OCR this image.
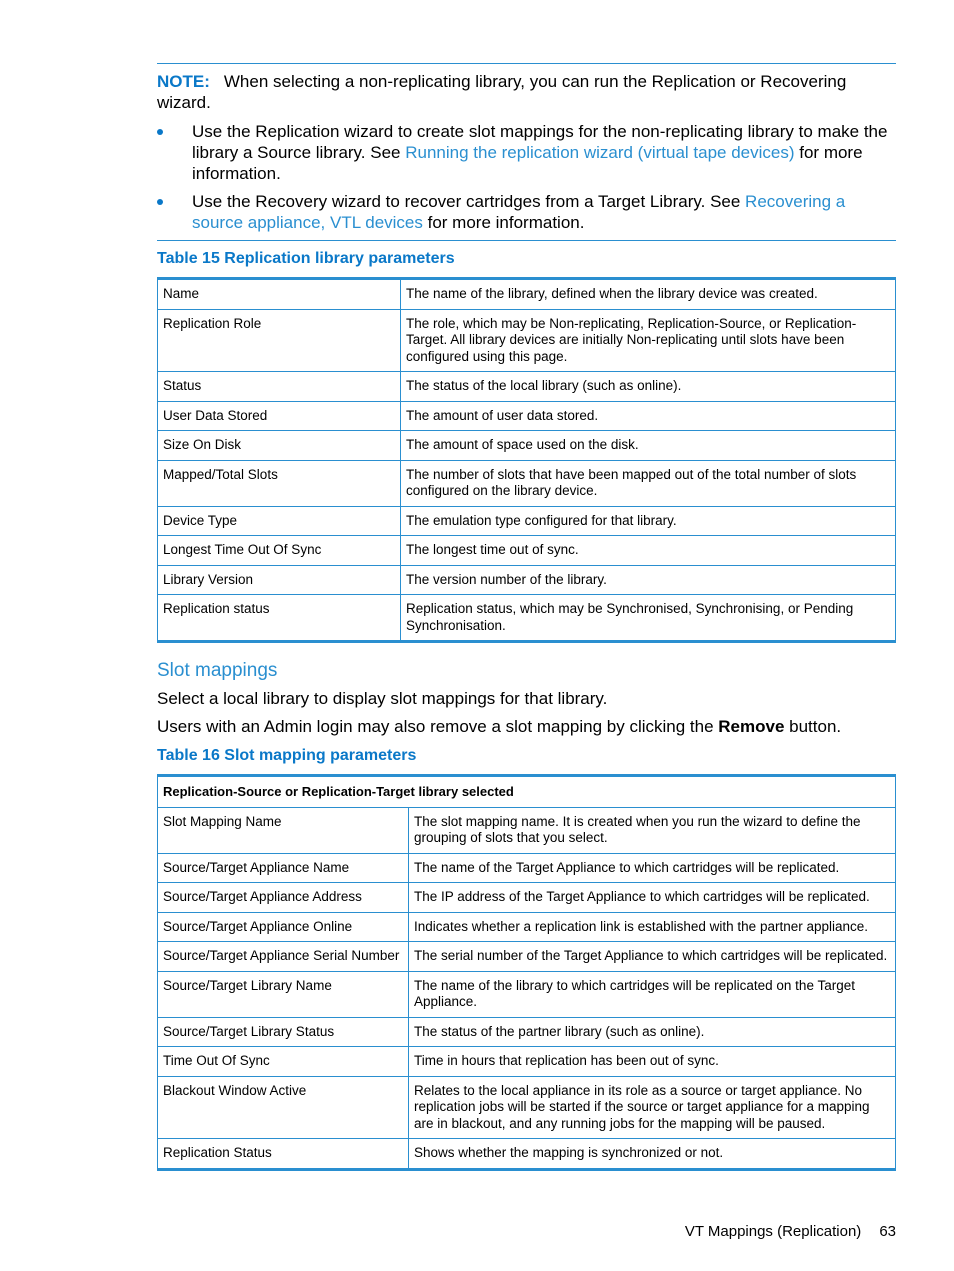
NOTE: When selecting a non-replicating library, you can run the Replication or Recovering wizard.
Use the Replication wizard to create slot mappings for the non-replicating library to make the library a Source library. See Running the replication wizard (virtual tape devices) for more information.
Use the Recovery wizard to recover cartridges from a Target Library. See Recovering a source appliance, VTL devices for more information.
Table 15 Replication library parameters
Name	The name of the library, defined when the library device was created.
Replication Role	The role, which may be Non-replicating, Replication-Source, or Replication-Target. All library devices are initially Non-replicating until slots have been configured using this page.
Status	The status of the local library (such as online).
User Data Stored	The amount of user data stored.
Size On Disk	The amount of space used on the disk.
Mapped/Total Slots	The number of slots that have been mapped out of the total number of slots configured on the library device.
Device Type	The emulation type configured for that library.
Longest Time Out Of Sync	The longest time out of sync.
Library Version	The version number of the library.
Replication status	Replication status, which may be Synchronised, Synchronising, or Pending Synchronisation.
Slot mappings
Select a local library to display slot mappings for that library.
Users with an Admin login may also remove a slot mapping by clicking the Remove button.
Table 16 Slot mapping parameters
Replication-Source or Replication-Target library selected	
Slot Mapping Name	The slot mapping name. It is created when you run the wizard to define the grouping of slots that you select.
Source/Target Appliance Name	The name of the Target Appliance to which cartridges will be replicated.
Source/Target Appliance Address	The IP address of the Target Appliance to which cartridges will be replicated.
Source/Target Appliance Online	Indicates whether a replication link is established with the partner appliance.
Source/Target Appliance Serial Number	The serial number of the Target Appliance to which cartridges will be replicated.
Source/Target Library Name	The name of the library to which cartridges will be replicated on the Target Appliance.
Source/Target Library Status	The status of the partner library (such as online).
Time Out Of Sync	Time in hours that replication has been out of sync.
Blackout Window Active	Relates to the local appliance in its role as a source or target appliance. No replication jobs will be started if the source or target appliance for a mapping are in blackout, and any running jobs for the mapping will be paused.
Replication Status	Shows whether the mapping is synchronized or not.
VT Mappings (Replication) 63
